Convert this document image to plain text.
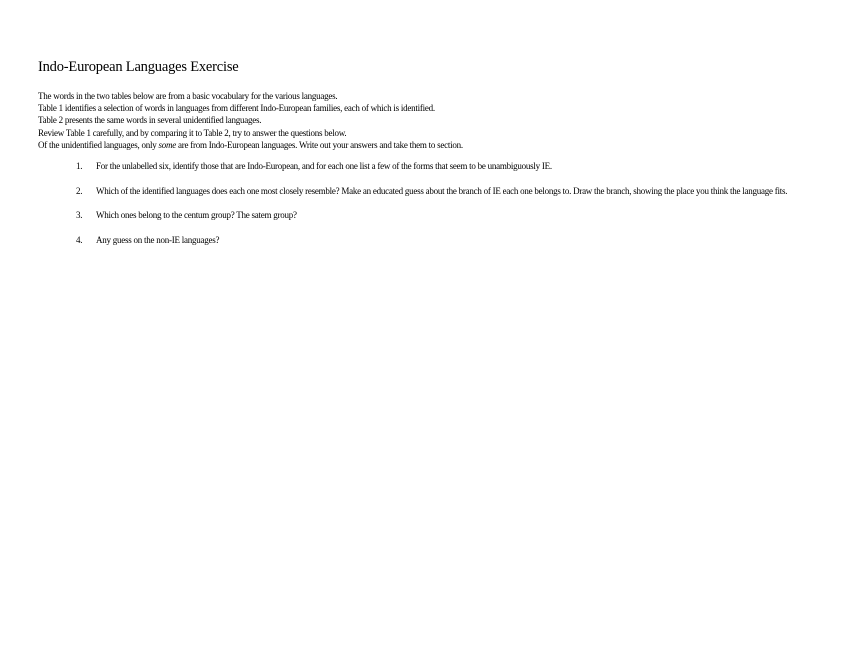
Indo-European Languages Exercise
The words in the two tables below are from a basic vocabulary for the various languages.
Table 1 identifies a selection of words in languages from different Indo-European families, each of which is identified.
Table 2 presents the same words in several unidentified languages.
Review Table 1 carefully, and by comparing it to Table 2, try to answer the questions below.
Of the unidentified languages, only some are from Indo-European languages. Write out your answers and take them to section.
1. For the unlabelled six, identify those that are Indo-European, and for each one list a few of the forms that seem to be unambiguously IE.
2. Which of the identified languages does each one most closely resemble? Make an educated guess about the branch of IE each one belongs to. Draw the branch, showing the place you think the language fits.
3. Which ones belong to the centum group? The satem group?
4. Any guess on the non-IE languages?
